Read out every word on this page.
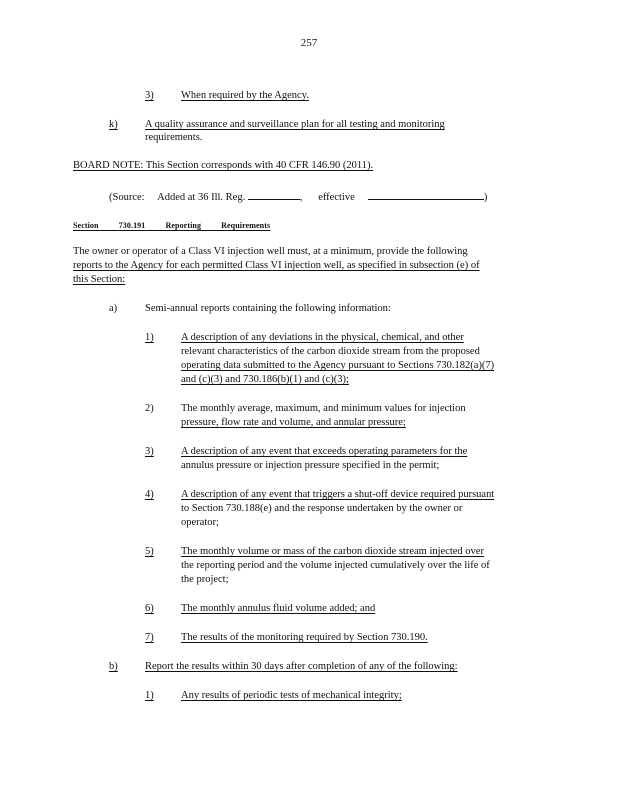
257
3)	When required by the Agency.
k)	A quality assurance and surveillance plan for all testing and monitoring
requirements.
BOARD NOTE: This Section corresponds with 40 CFR 146.90 (2011).
(Source: Added at 36 Ill. Reg.	, effective	)
Section 730.191 Reporting Requirements
The owner or operator of a Class VI injection well must, at a minimum, provide the following
reports to the Agency for each permitted Class VI injection well, as specified in subsection (e) of
this Section:
a)	Semi-annual reports containing the following information:
1)	A description of any deviations in the physical, chemical, and other
relevant characteristics of the carbon dioxide stream from the proposed
operating data submitted to the Agency pursuant to Sections 730.182(a)(7)
and (c)(3) and 730.186(b)(1) and (c)(3);
2)	The monthly average, maximum, and minimum values for injection
pressure, flow rate and volume, and annular pressure;
3)	A description of any event that exceeds operating parameters for the
annulus pressure or injection pressure specified in the permit;
4)	A description of any event that triggers a shut-off device required pursuant
to Section 730.188(e) and the response undertaken by the owner or
operator;
5)	The monthly volume or mass of the carbon dioxide stream injected over
the reporting period and the volume injected cumulatively over the life of
the project;
6)	The monthly annulus fluid volume added; and
7)	The results of the monitoring required by Section 730.190.
b)	Report the results within 30 days after completion of any of the following:
1)	Any results of periodic tests of mechanical integrity;
